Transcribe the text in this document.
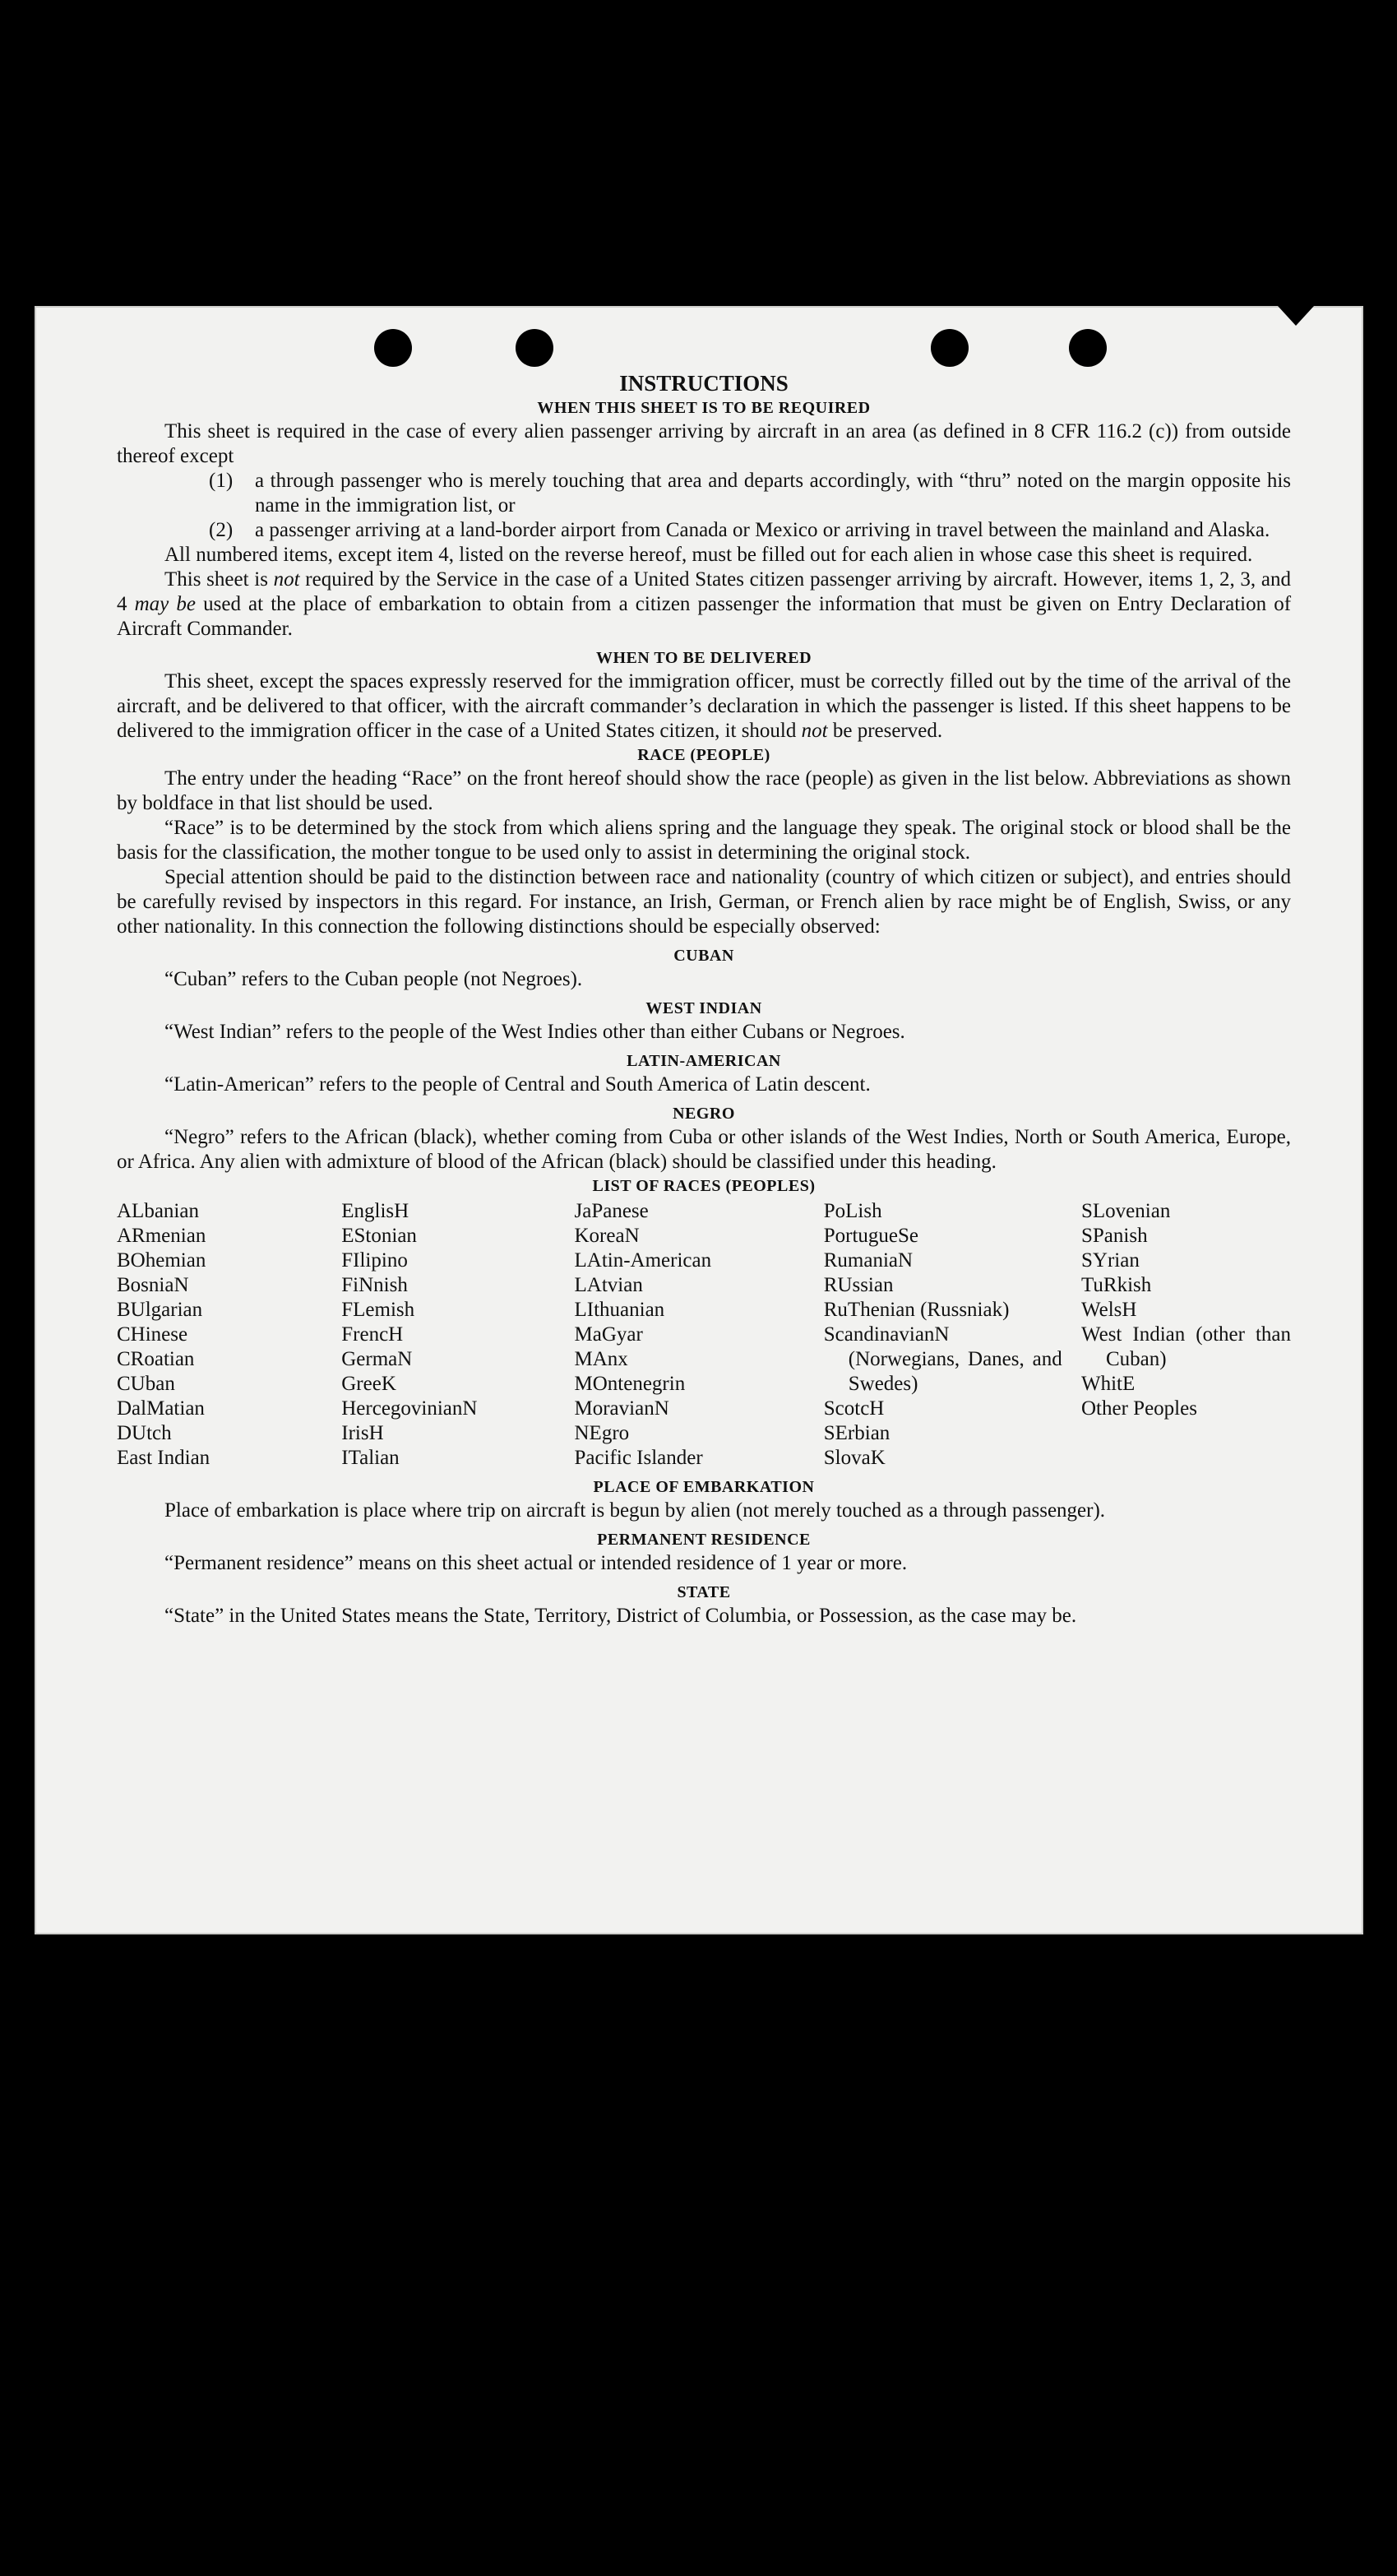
INSTRUCTIONS
WHEN THIS SHEET IS TO BE REQUIRED

This sheet is required in the case of every alien passenger arriving by aircraft in an area (as defined in 8 CFR 116.2 (c)) from outside thereof except

(1)	a through passenger who is merely touching that area and departs accordingly, with “thru” noted on the margin opposite his name in the immigration list, or
(2)	a passenger arriving at a land-border airport from Canada or Mexico or arriving in travel between the mainland and Alaska.

All numbered items, except item 4, listed on the reverse hereof, must be filled out for each alien in whose case this sheet is required.

This sheet is not required by the Service in the case of a United States citizen passenger arriving by aircraft. However, items 1, 2, 3, and 4 may be used at the place of embarkation to obtain from a citizen passenger the information that must be given on Entry Declaration of Aircraft Commander.

WHEN TO BE DELIVERED

This sheet, except the spaces expressly reserved for the immigration officer, must be correctly filled out by the time of the arrival of the aircraft, and be delivered to that officer, with the aircraft commander’s declaration in which the passenger is listed. If this sheet happens to be delivered to the immigration officer in the case of a United States citizen, it should not be preserved.

RACE (PEOPLE)

The entry under the heading “Race” on the front hereof should show the race (people) as given in the list below. Abbreviations as shown by boldface in that list should be used.

“Race” is to be determined by the stock from which aliens spring and the language they speak. The original stock or blood shall be the basis for the classification, the mother tongue to be used only to assist in determining the original stock.

Special attention should be paid to the distinction between race and nationality (country of which citizen or subject), and entries should be carefully revised by inspectors in this regard. For instance, an Irish, German, or French alien by race might be of English, Swiss, or any other nationality. In this connection the following distinctions should be especially observed:

CUBAN

“Cuban” refers to the Cuban people (not Negroes).

WEST INDIAN

“West Indian” refers to the people of the West Indies other than either Cubans or Negroes.

LATIN-AMERICAN

“Latin-American” refers to the people of Central and South America of Latin descent.

NEGRO

“Negro” refers to the African (black), whether coming from Cuba or other islands of the West Indies, North or South America, Europe, or Africa. Any alien with admixture of blood of the African (black) should be classified under this heading.

LIST OF RACES (PEOPLES)
ALbanian
ARmenian
BOhemian
BosniaN
BUlgarian
CHinese
CRoatian
CUban
DalMatian
DUtch
East Indian
EnglisH
EStonian
FIlipino
FiNnish
FLemish
FrencH
GermaN
GreeK
HercegovinianN
IrisH
ITalian
JaPanese
KoreaN
LAtin-American
LAtvian
LIthuanian
MaGyar
MAnx
MOntenegrin
MoravianN
NEgro
Pacific Islander
PoLish
PortugueSe
RumaniaN
RUssian
RuThenian (Russniak)
ScandinavianN (Norwegians, Danes, and Swedes)
ScotcH
SErbian
SlovaK
SLovenian
SPanish
SYrian
TuRkish
WelsH
West Indian (other than Cuban)
WhitE
Other Peoples
PLACE OF EMBARKATION

Place of embarkation is place where trip on aircraft is begun by alien (not merely touched as a through passenger).

PERMANENT RESIDENCE

“Permanent residence” means on this sheet actual or intended residence of 1 year or more.

STATE

“State” in the United States means the State, Territory, District of Columbia, or Possession, as the case may be.
